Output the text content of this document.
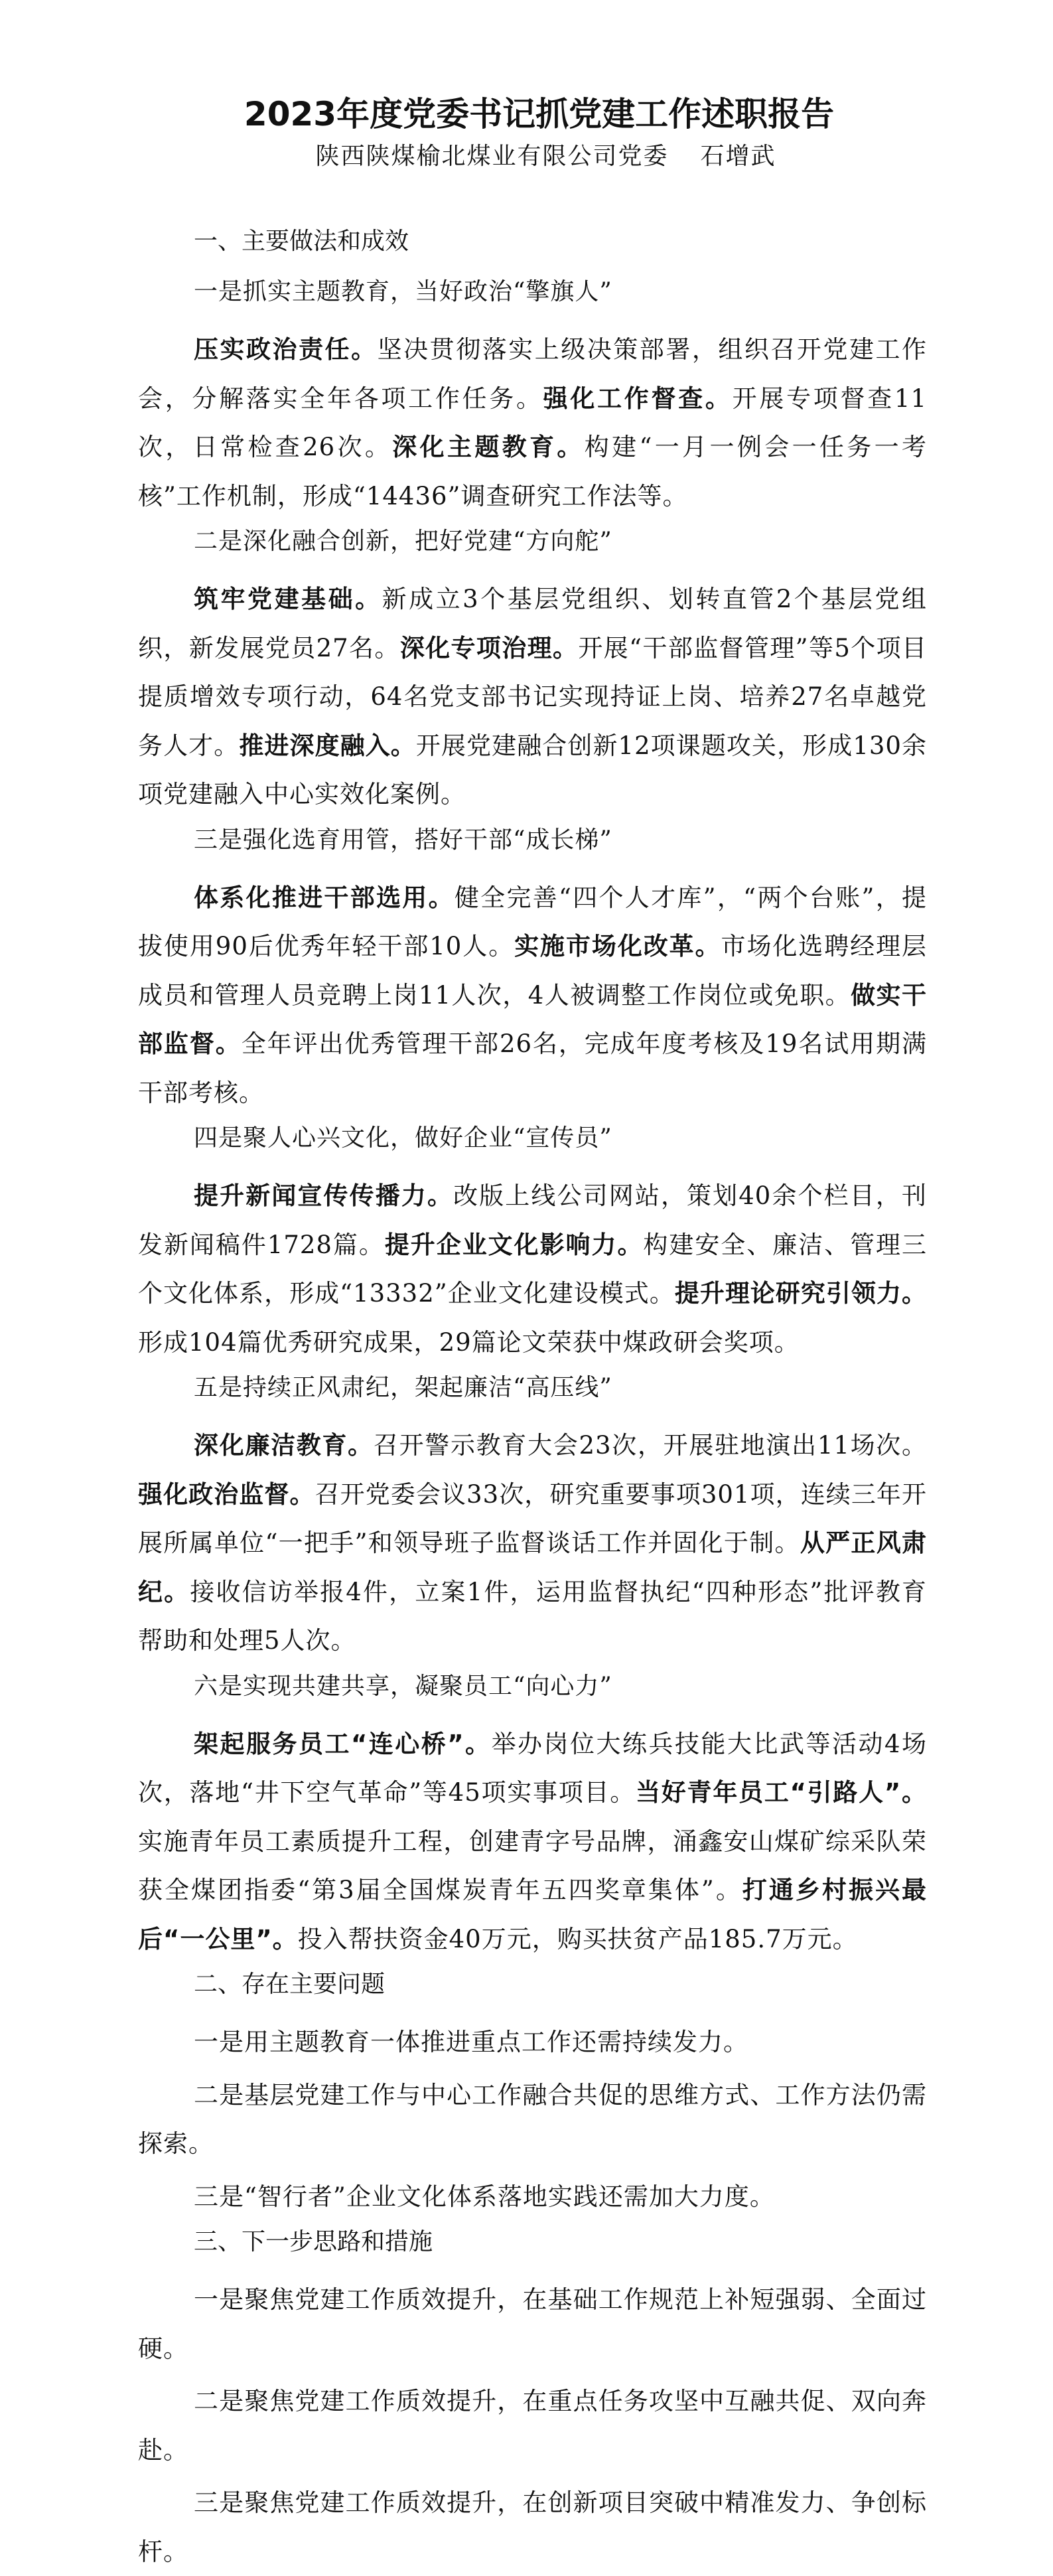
2023年度党委书记抓党建工作述职报告
陕西陕煤榆北煤业有限公司党委 石增武
一、主要做法和成效
一是抓实主题教育，当好政治“擎旗人”

压实政治责任。坚决贯彻落实上级决策部署，组织召开党建工作会，分解落实全年各项工作任务。强化工作督查。开展专项督查11次，日常检查26次。深化主题教育。构建“一月一例会一任务一考核”工作机制，形成“14436”调查研究工作法等。

二是深化融合创新，把好党建“方向舵”

筑牢党建基础。新成立3个基层党组织、划转直管2个基层党组织，新发展党员27名。深化专项治理。开展“干部监督管理”等5个项目提质增效专项行动，64名党支部书记实现持证上岗、培养27名卓越党务人才。推进深度融入。开展党建融合创新12项课题攻关，形成130余项党建融入中心实效化案例。

三是强化选育用管，搭好干部“成长梯”

体系化推进干部选用。健全完善“四个人才库”，“两个台账”，提拔使用90后优秀年轻干部10人。实施市场化改革。市场化选聘经理层成员和管理人员竞聘上岗11人次，4人被调整工作岗位或免职。做实干部监督。全年评出优秀管理干部26名，完成年度考核及19名试用期满干部考核。

四是聚人心兴文化，做好企业“宣传员”

提升新闻宣传传播力。改版上线公司网站，策划40余个栏目，刊发新闻稿件1728篇。提升企业文化影响力。构建安全、廉洁、管理三个文化体系，形成“13332”企业文化建设模式。提升理论研究引领力。形成104篇优秀研究成果，29篇论文荣获中煤政研会奖项。

五是持续正风肃纪，架起廉洁“高压线”

深化廉洁教育。召开警示教育大会23次，开展驻地演出11场次。强化政治监督。召开党委会议33次，研究重要事项301项，连续三年开展所属单位“一把手”和领导班子监督谈话工作并固化于制。从严正风肃纪。接收信访举报4件，立案1件，运用监督执纪“四种形态”批评教育帮助和处理5人次。

六是实现共建共享，凝聚员工“向心力”

架起服务员工“连心桥”。举办岗位大练兵技能大比武等活动4场次，落地“井下空气革命”等45项实事项目。当好青年员工“引路人”。实施青年员工素质提升工程，创建青字号品牌，涌鑫安山煤矿综采队荣获全煤团指委“第3届全国煤炭青年五四奖章集体”。打通乡村振兴最后“一公里”。投入帮扶资金40万元，购买扶贫产品185.7万元。

二、存在主要问题

一是用主题教育一体推进重点工作还需持续发力。

二是基层党建工作与中心工作融合共促的思维方式、工作方法仍需探索。

三是“智行者”企业文化体系落地实践还需加大力度。

三、下一步思路和措施

一是聚焦党建工作质效提升，在基础工作规范上补短强弱、全面过硬。

二是聚焦党建工作质效提升，在重点任务攻坚中互融共促、双向奔赴。

三是聚焦党建工作质效提升，在创新项目突破中精准发力、争创标杆。
